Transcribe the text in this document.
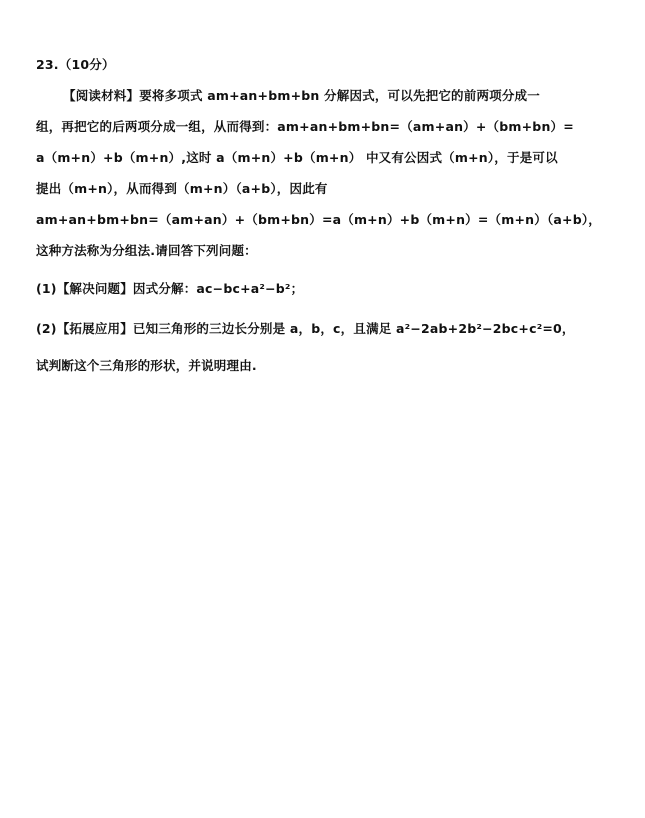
23.（10分）
【阅读材料】要将多项式 am+an+bm+bn 分解因式，可以先把它的前两项分成一
组，再把它的后两项分成一组，从而得到：am+an+bm+bn=（am+an）+（bm+bn）=
a（m+n）+b（m+n）,这时 a（m+n）+b（m+n） 中又有公因式（m+n），于是可以
提出（m+n），从而得到（m+n）（a+b），因此有
am+an+bm+bn=（am+an）+（bm+bn）=a（m+n）+b（m+n）=（m+n）（a+b），
这种方法称为分组法.请回答下列问题：
(1)【解决问题】因式分解：ac−bc+a²−b²；
(2)【拓展应用】已知三角形的三边长分别是 a，b，c，且满足 a²−2ab+2b²−2bc+c²=0，
试判断这个三角形的形状，并说明理由.
